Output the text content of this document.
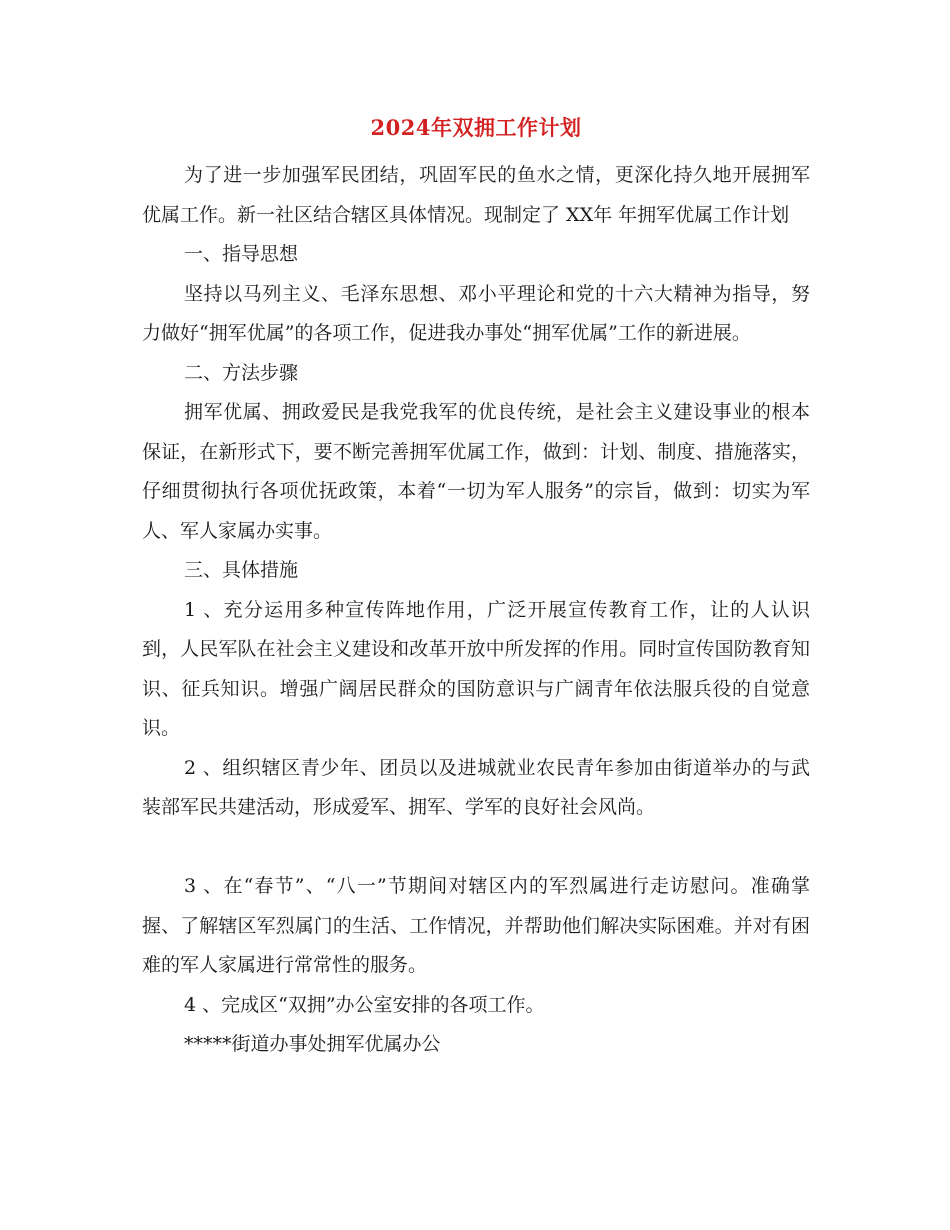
2024年双拥工作计划

为了进一步加强军民团结，巩固军民的鱼水之情，更深化持久地开展拥军优属工作。新一社区结合辖区具体情况。现制定了 XX年 年拥军优属工作计划

一、指导思想

坚持以马列主义、毛泽东思想、邓小平理论和党的十六大精神为指导，努力做好“拥军优属”的各项工作，促进我办事处“拥军优属”工作的新进展。

二、方法步骤

拥军优属、拥政爱民是我党我军的优良传统，是社会主义建设事业的根本保证，在新形式下，要不断完善拥军优属工作，做到：计划、制度、措施落实，仔细贯彻执行各项优抚政策，本着“一切为军人服务”的宗旨，做到：切实为军人、军人家属办实事。

三、具体措施

1 、充分运用多种宣传阵地作用，广泛开展宣传教育工作，让的人认识到，人民军队在社会主义建设和改革开放中所发挥的作用。同时宣传国防教育知识、征兵知识。增强广阔居民群众的国防意识与广阔青年依法服兵役的自觉意识。

2 、组织辖区青少年、团员以及进城就业农民青年参加由街道举办的与武装部军民共建活动，形成爱军、拥军、学军的良好社会风尚。

3 、在“春节”、“八一”节期间对辖区内的军烈属进行走访慰问。准确掌握、了解辖区军烈属门的生活、工作情况，并帮助他们解决实际困难。并对有困难的军人家属进行常常性的服务。

4 、完成区“双拥”办公室安排的各项工作。

*****街道办事处拥军优属办公
